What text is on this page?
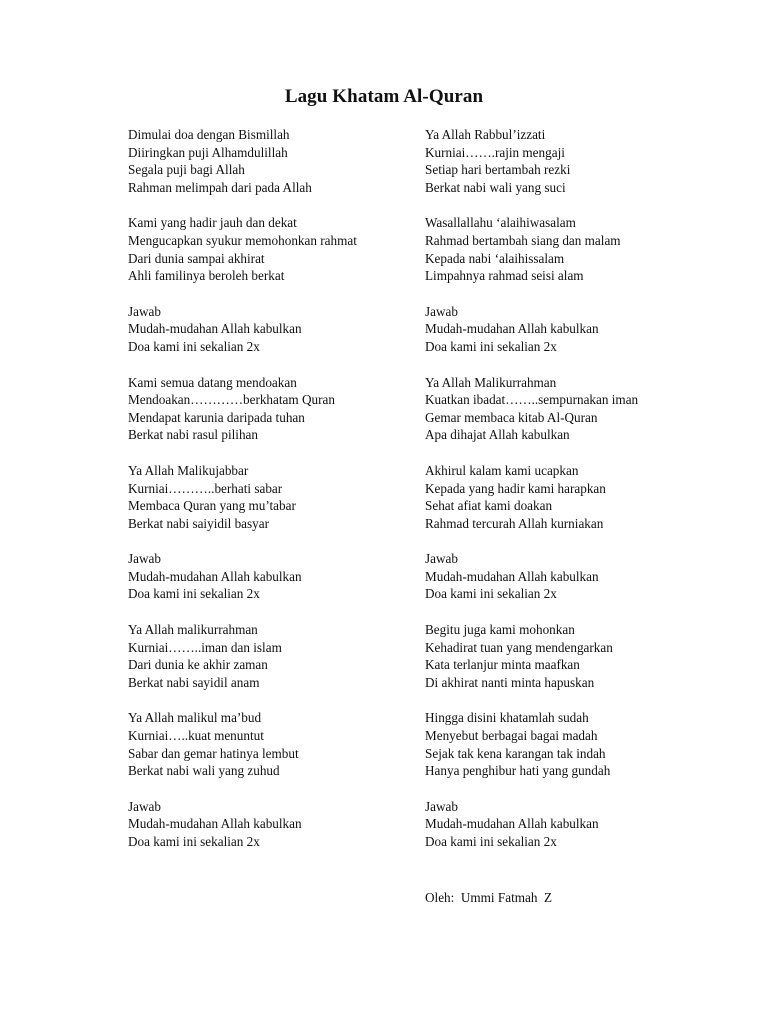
Lagu Khatam Al-Quran
Dimulai doa dengan Bismillah
Diiringkan puji Alhamdulillah
Segala puji bagi Allah
Rahman melimpah dari pada Allah
Kami yang hadir jauh dan dekat
Mengucapkan syukur memohonkan rahmat
Dari dunia sampai akhirat
Ahli familinya beroleh berkat
Jawab
Mudah-mudahan Allah kabulkan
Doa kami ini sekalian 2x
Kami semua datang mendoakan
Mendoakan…………berkhatam Quran
Mendapat karunia daripada tuhan
Berkat nabi rasul pilihan
Ya Allah Malikujabbar
Kurniai………..berhati sabar
Membaca Quran yang mu’tabar
Berkat nabi saiyidil basyar
Jawab
Mudah-mudahan Allah kabulkan
Doa kami ini sekalian 2x
Ya Allah malikurrahman
Kurniai……..iman dan islam
Dari dunia ke akhir zaman
Berkat nabi sayidil anam
Ya Allah malikul ma’bud
Kurniai…..kuat menuntut
Sabar dan gemar hatinya lembut
Berkat nabi wali yang zuhud
Jawab
Mudah-mudahan Allah kabulkan
Doa kami ini sekalian 2x
Ya Allah Rabbul’izzati
Kurniai…….rajin mengaji
Setiap hari bertambah rezki
Berkat nabi wali yang suci
Wasallallahu ‘alaihiwasalam
Rahmad bertambah siang dan malam
Kepada nabi ‘alaihissalam
Limpahnya rahmad seisi alam
Jawab
Mudah-mudahan Allah kabulkan
Doa kami ini sekalian 2x
Ya Allah Malikurrahman
Kuatkan ibadat……..sempurnakan iman
Gemar membaca kitab Al-Quran
Apa dihajat Allah kabulkan
Akhirul kalam kami ucapkan
Kepada yang hadir kami harapkan
Sehat afiat kami doakan
Rahmad tercurah Allah kurniakan
Jawab
Mudah-mudahan Allah kabulkan
Doa kami ini sekalian 2x
Begitu juga kami mohonkan
Kehadirat tuan yang mendengarkan
Kata terlanjur minta maafkan
Di akhirat nanti minta hapuskan
Hingga disini khatamlah sudah
Menyebut berbagai bagai madah
Sejak tak kena karangan tak indah
Hanya penghibur hati yang gundah
Jawab
Mudah-mudahan Allah kabulkan
Doa kami ini sekalian 2x
Oleh:  Ummi Fatmah  Z
